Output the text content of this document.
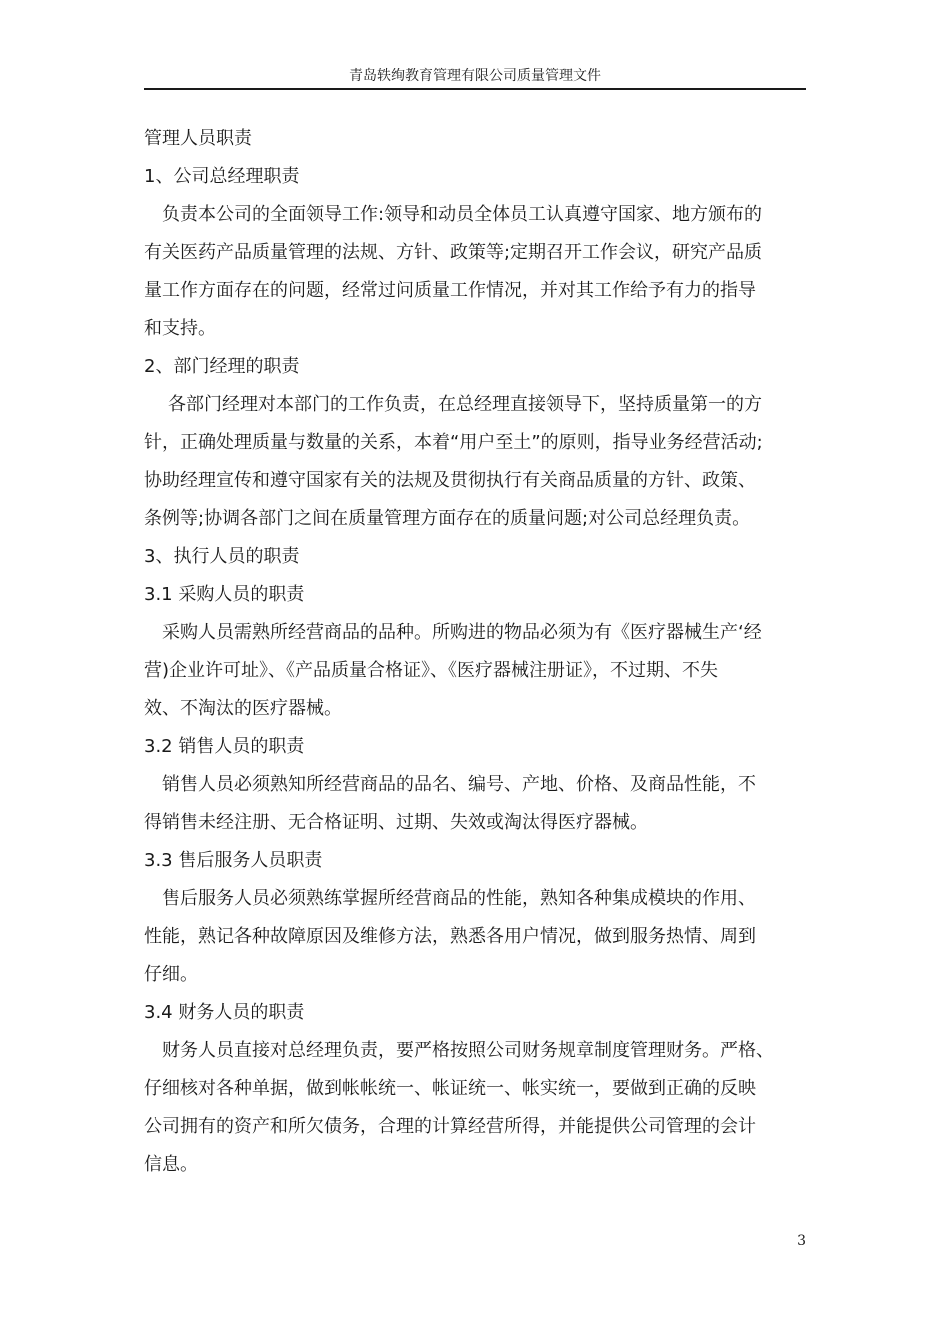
青岛轶绚教育管理有限公司质量管理文件
管理人员职责
1、公司总经理职责
负责本公司的全面领导工作:领导和动员全体员工认真遵守国家、地方颁布的
有关医药产品质量管理的法规、方针、政策等;定期召开工作会议，研究产品质
量工作方面存在的问题，经常过问质量工作情况，并对其工作给予有力的指导
和支持。
2、部门经理的职责
各部门经理对本部门的工作负责，在总经理直接领导下，坚持质量第一的方
针，正确处理质量与数量的关系，本着“用户至土”的原则，指导业务经营活动;
协助经理宣传和遵守国家有关的法规及贯彻执行有关商品质量的方针、政策、
条例等;协调各部门之间在质量管理方面存在的质量问题;对公司总经理负责。
3、执行人员的职责
3.1 采购人员的职责
采购人员需熟所经营商品的品种。所购进的物品必须为有《医疗器械生产‘经
营)企业许可址》、《产品质量合格证》、《医疗器械注册证》，不过期、不失
效、不淘汰的医疗器械。
3.2 销售人员的职责
销售人员必须熟知所经营商品的品名、编号、产地、价格、及商品性能，不
得销售未经注册、无合格证明、过期、失效或淘汰得医疗器械。
3.3 售后服务人员职责
售后服务人员必须熟练掌握所经营商品的性能，熟知各种集成模块的作用、
性能，熟记各种故障原因及维修方法，熟悉各用户情况，做到服务热情、周到
仔细。
3.4 财务人员的职责
财务人员直接对总经理负责，要严格按照公司财务规章制度管理财务。严格、
仔细核对各种单据，做到帐帐统一、帐证统一、帐实统一，要做到正确的反映
公司拥有的资产和所欠债务，合理的计算经营所得，并能提供公司管理的会计
信息。
3
